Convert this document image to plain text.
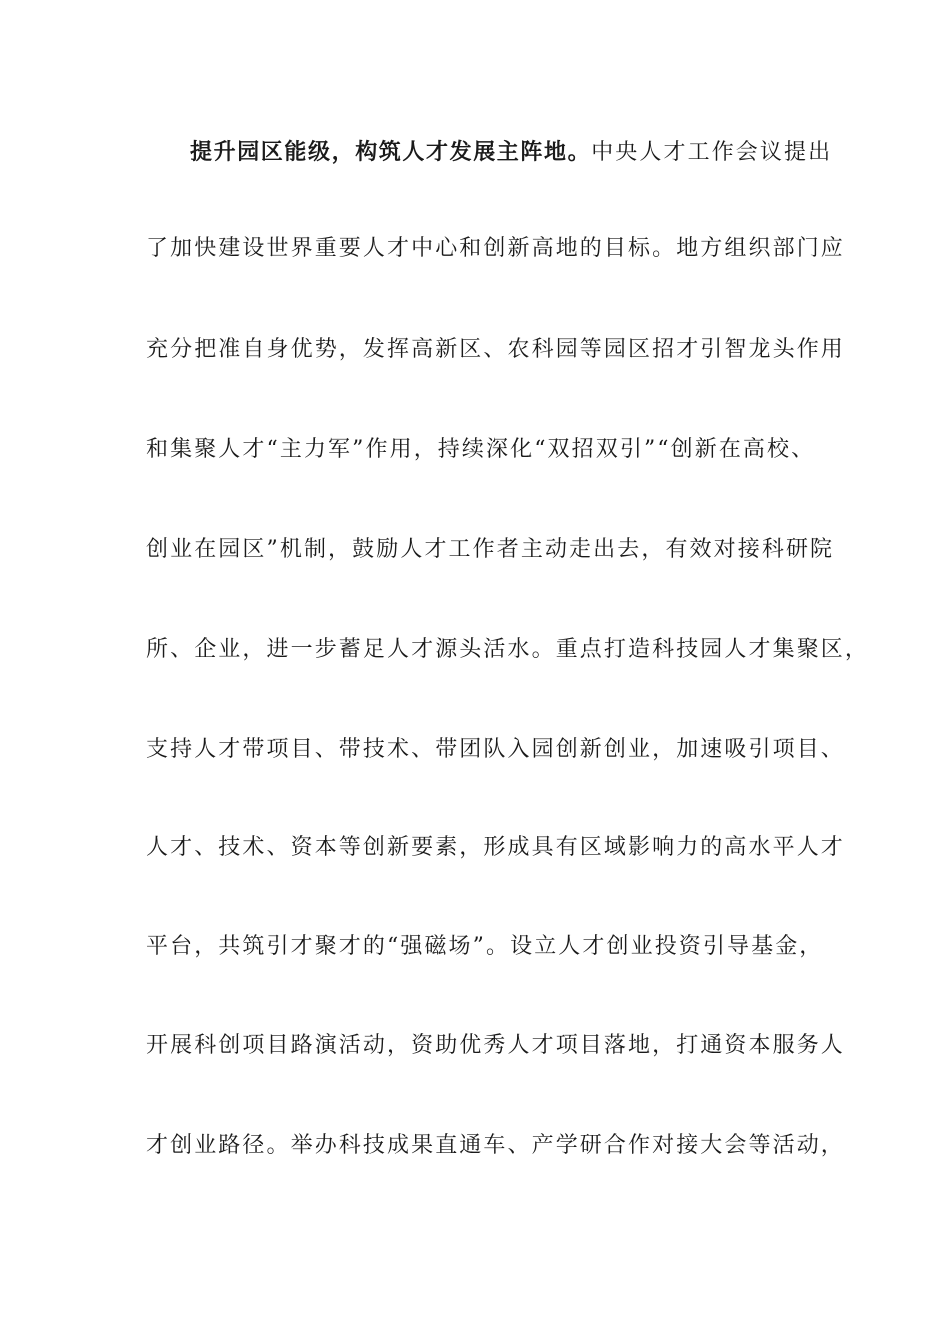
提升园区能级，构筑人才发展主阵地。中央人才工作会议提出
了加快建设世界重要人才中心和创新高地的目标。地方组织部门应
充分把准自身优势，发挥高新区、农科园等园区招才引智龙头作用
和集聚人才“主力军”作用，持续深化“双招双引”“创新在高校、
创业在园区”机制，鼓励人才工作者主动走出去，有效对接科研院
所、企业，进一步蓄足人才源头活水。重点打造科技园人才集聚区，
支持人才带项目、带技术、带团队入园创新创业，加速吸引项目、
人才、技术、资本等创新要素，形成具有区域影响力的高水平人才
平台，共筑引才聚才的“强磁场”。设立人才创业投资引导基金，
开展科创项目路演活动，资助优秀人才项目落地，打通资本服务人
才创业路径。举办科技成果直通车、产学研合作对接大会等活动，
